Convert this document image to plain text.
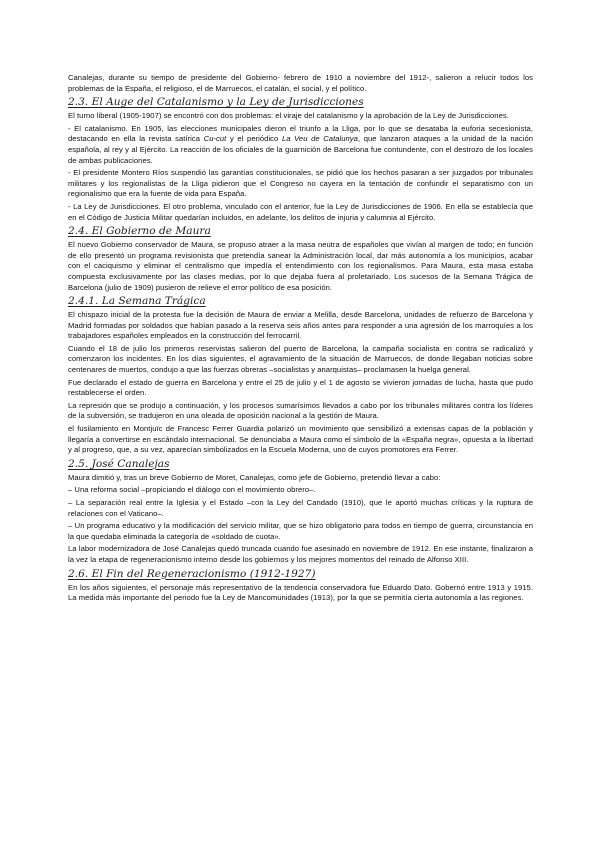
Canalejas, durante su tiempo de presidente del Gobierno- febrero de 1910 a noviembre del 1912-, salieron a relucir todos los problemas de la España, el religioso, el de Marruecos, el catalán, el social, y el político.

2.3. El Auge del Catalanismo y la Ley de Jurisdicciones

El turno liberal (1905-1907) se encontró con dos problemas: el viraje del catalanismo y la aprobación de la Ley de Jurisdicciones.

- El catalanismo. En 1905, las elecciones municipales dieron el triunfo a la Lliga, por lo que se desataba la euforia secesionista, destacando en ella la revista satírica Cu-cut y el periódico La Veu de Catalunya, que lanzaron ataques a la unidad de la nación española, al rey y al Ejército. La reacción de los oficiales de la guarnición de Barcelona fue contundente, con el destrozo de los locales de ambas publicaciones.

- El presidente Montero Ríos suspendió las garantías constitucionales, se pidió que los hechos pasaran a ser juzgados por tribunales militares y los regionalistas de la Lliga pidieron que el Congreso no cayera en la tentación de confundir el separatismo con un regionalismo que era la fuente de vida para España.

- La Ley de Jurisdicciones. El otro problema, vinculado con el anterior, fue la Ley de Jurisdicciones de 1906. En ella se establecía que en el Código de Justicia Militar quedarían incluidos, en adelante, los delitos de injuria y calumnia al Ejército.

2.4. El Gobierno de Maura

El nuevo Gobierno conservador de Maura, se propuso atraer a la masa neutra de españoles que vivían al margen de todo; en función de ello presentó un programa revisionista que pretendía sanear la Administración local, dar más autonomía a los municipios, acabar con el caciquismo y eliminar el centralismo que impedía el entendimiento con los regionalismos. Para Maura, esta masa estaba compuesta exclusivamente por las clases medias, por lo que dejaba fuera al proletariado. Los sucesos de la Semana Trágica de Barcelona (julio de 1909) pusieron de relieve el error político de esa posición.

2.4.1. La Semana Trágica

El chispazo inicial de la protesta fue la decisión de Maura de enviar a Melilla, desde Barcelona, unidades de refuerzo de Barcelona y Madrid formadas por soldados que habían pasado a la reserva seis años antes para responder a una agresión de los marroquíes a los trabajadores españoles empleados en la construcción del ferrocarril.

Cuando el 18 de julio los primeros reservistas salieron del puerto de Barcelona, la campaña socialista en contra se radicalizó y comenzaron los incidentes. En los días siguientes, el agravamiento de la situación de Marruecos, de donde llegaban noticias sobre centenares de muertos, condujo a que las fuerzas obreras –socialistas y anarquistas– proclamasen la huelga general.

Fue declarado el estado de guerra en Barcelona y entre el 25 de julio y el 1 de agosto se vivieron jornadas de lucha, hasta que pudo restablecerse el orden.

La represión que se produjo a continuación, y los procesos sumarísimos llevados a cabo por los tribunales militares contra los líderes de la subversión, se tradujeron en una oleada de oposición nacional a la gestión de Maura.

el fusilamiento en Montjuïc de Francesc Ferrer Guardia polarizó un movimiento que sensibilizó a extensas capas de la población y llegaría a convertirse en escándalo internacional. Se denunciaba a Maura como el símbolo de la «España negra», opuesta a la libertad y al progreso, que, a su vez, aparecían simbolizados en la Escuela Moderna, uno de cuyos promotores era Ferrer.

2.5. José Canalejas

Maura dimitió y, tras un breve Gobierno de Moret, Canalejas, como jefe de Gobierno, pretendió llevar a cabo:

– Una reforma social –propiciando el diálogo con el movimiento obrero–.

– La separación real entre la Iglesia y el Estado –con la Ley del Candado (1910), que le aportó muchas críticas y la ruptura de relaciones con el Vaticano–.

– Un programa educativo y la modificación del servicio militar, que se hizo obligatorio para todos en tiempo de guerra, circunstancia en la que quedaba eliminada la categoría de «soldado de cuota».

La labor modernizadora de José Canalejas quedó truncada cuando fue asesinado en noviembre de 1912. En ese instante, finalizaron a la vez la etapa de regeneracionismo interno desde los gobiernos y los mejores momentos del reinado de Alfonso XIII.

2.6. El Fin del Regeneracionismo (1912-1927)

En los años siguientes, el personaje más representativo de la tendencia conservadora fue Eduardo Dato. Gobernó entre 1913 y 1915. La medida más importante del periodo fue la Ley de Mancomunidades (1913), por la que se permitía cierta autonomía a las regiones.
